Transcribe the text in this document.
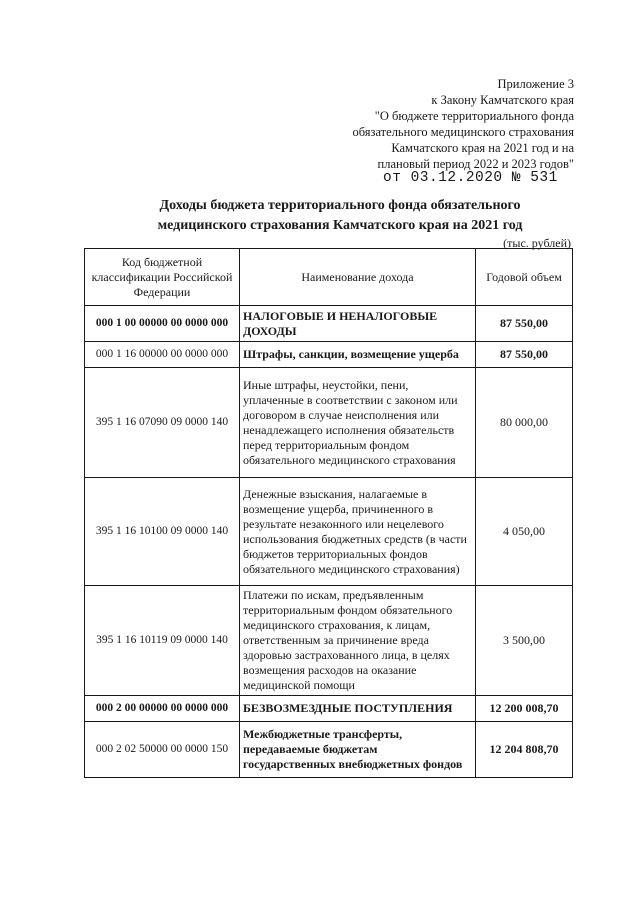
Приложение 3
к Закону Камчатского края
"О бюджете территориального фонда
обязательного медицинского страхования
Камчатского края на 2021 год и на
плановый период 2022 и 2023 годов"
от 03.12.2020 № 531
Доходы бюджета территориального фонда обязательного
медицинского страхования Камчатского края на 2021 год
(тыс. рублей)
Код бюджетной классификации Российской Федерации	Наименование дохода	Годовой объем
000 1 00 00000 00 0000 000	НАЛОГОВЫЕ И НЕНАЛОГОВЫЕ ДОХОДЫ	87 550,00
000 1 16 00000 00 0000 000	Штрафы, санкции, возмещение ущерба	87 550,00
395 1 16 07090 09 0000 140	Иные штрафы, неустойки, пени, уплаченные в соответствии с законом или договором в случае неисполнения или ненадлежащего исполнения обязательств перед территориальным фондом обязательного медицинского страхования	80 000,00
395 1 16 10100 09 0000 140	Денежные взыскания, налагаемые в возмещение ущерба, причиненного в результате незаконного или нецелевого использования бюджетных средств (в части бюджетов территориальных фондов обязательного медицинского страхования)	4 050,00
395 1 16 10119 09 0000 140	Платежи по искам, предъявленным территориальным фондом обязательного медицинского страхования, к лицам, ответственным за причинение вреда здоровью застрахованного лица, в целях возмещения расходов на оказание медицинской помощи	3 500,00
000 2 00 00000 00 0000 000	БЕЗВОЗМЕЗДНЫЕ ПОСТУПЛЕНИЯ	12 200 008,70
000 2 02 50000 00 0000 150	Межбюджетные трансферты, передаваемые бюджетам государственных внебюджетных фондов	12 204 808,70
